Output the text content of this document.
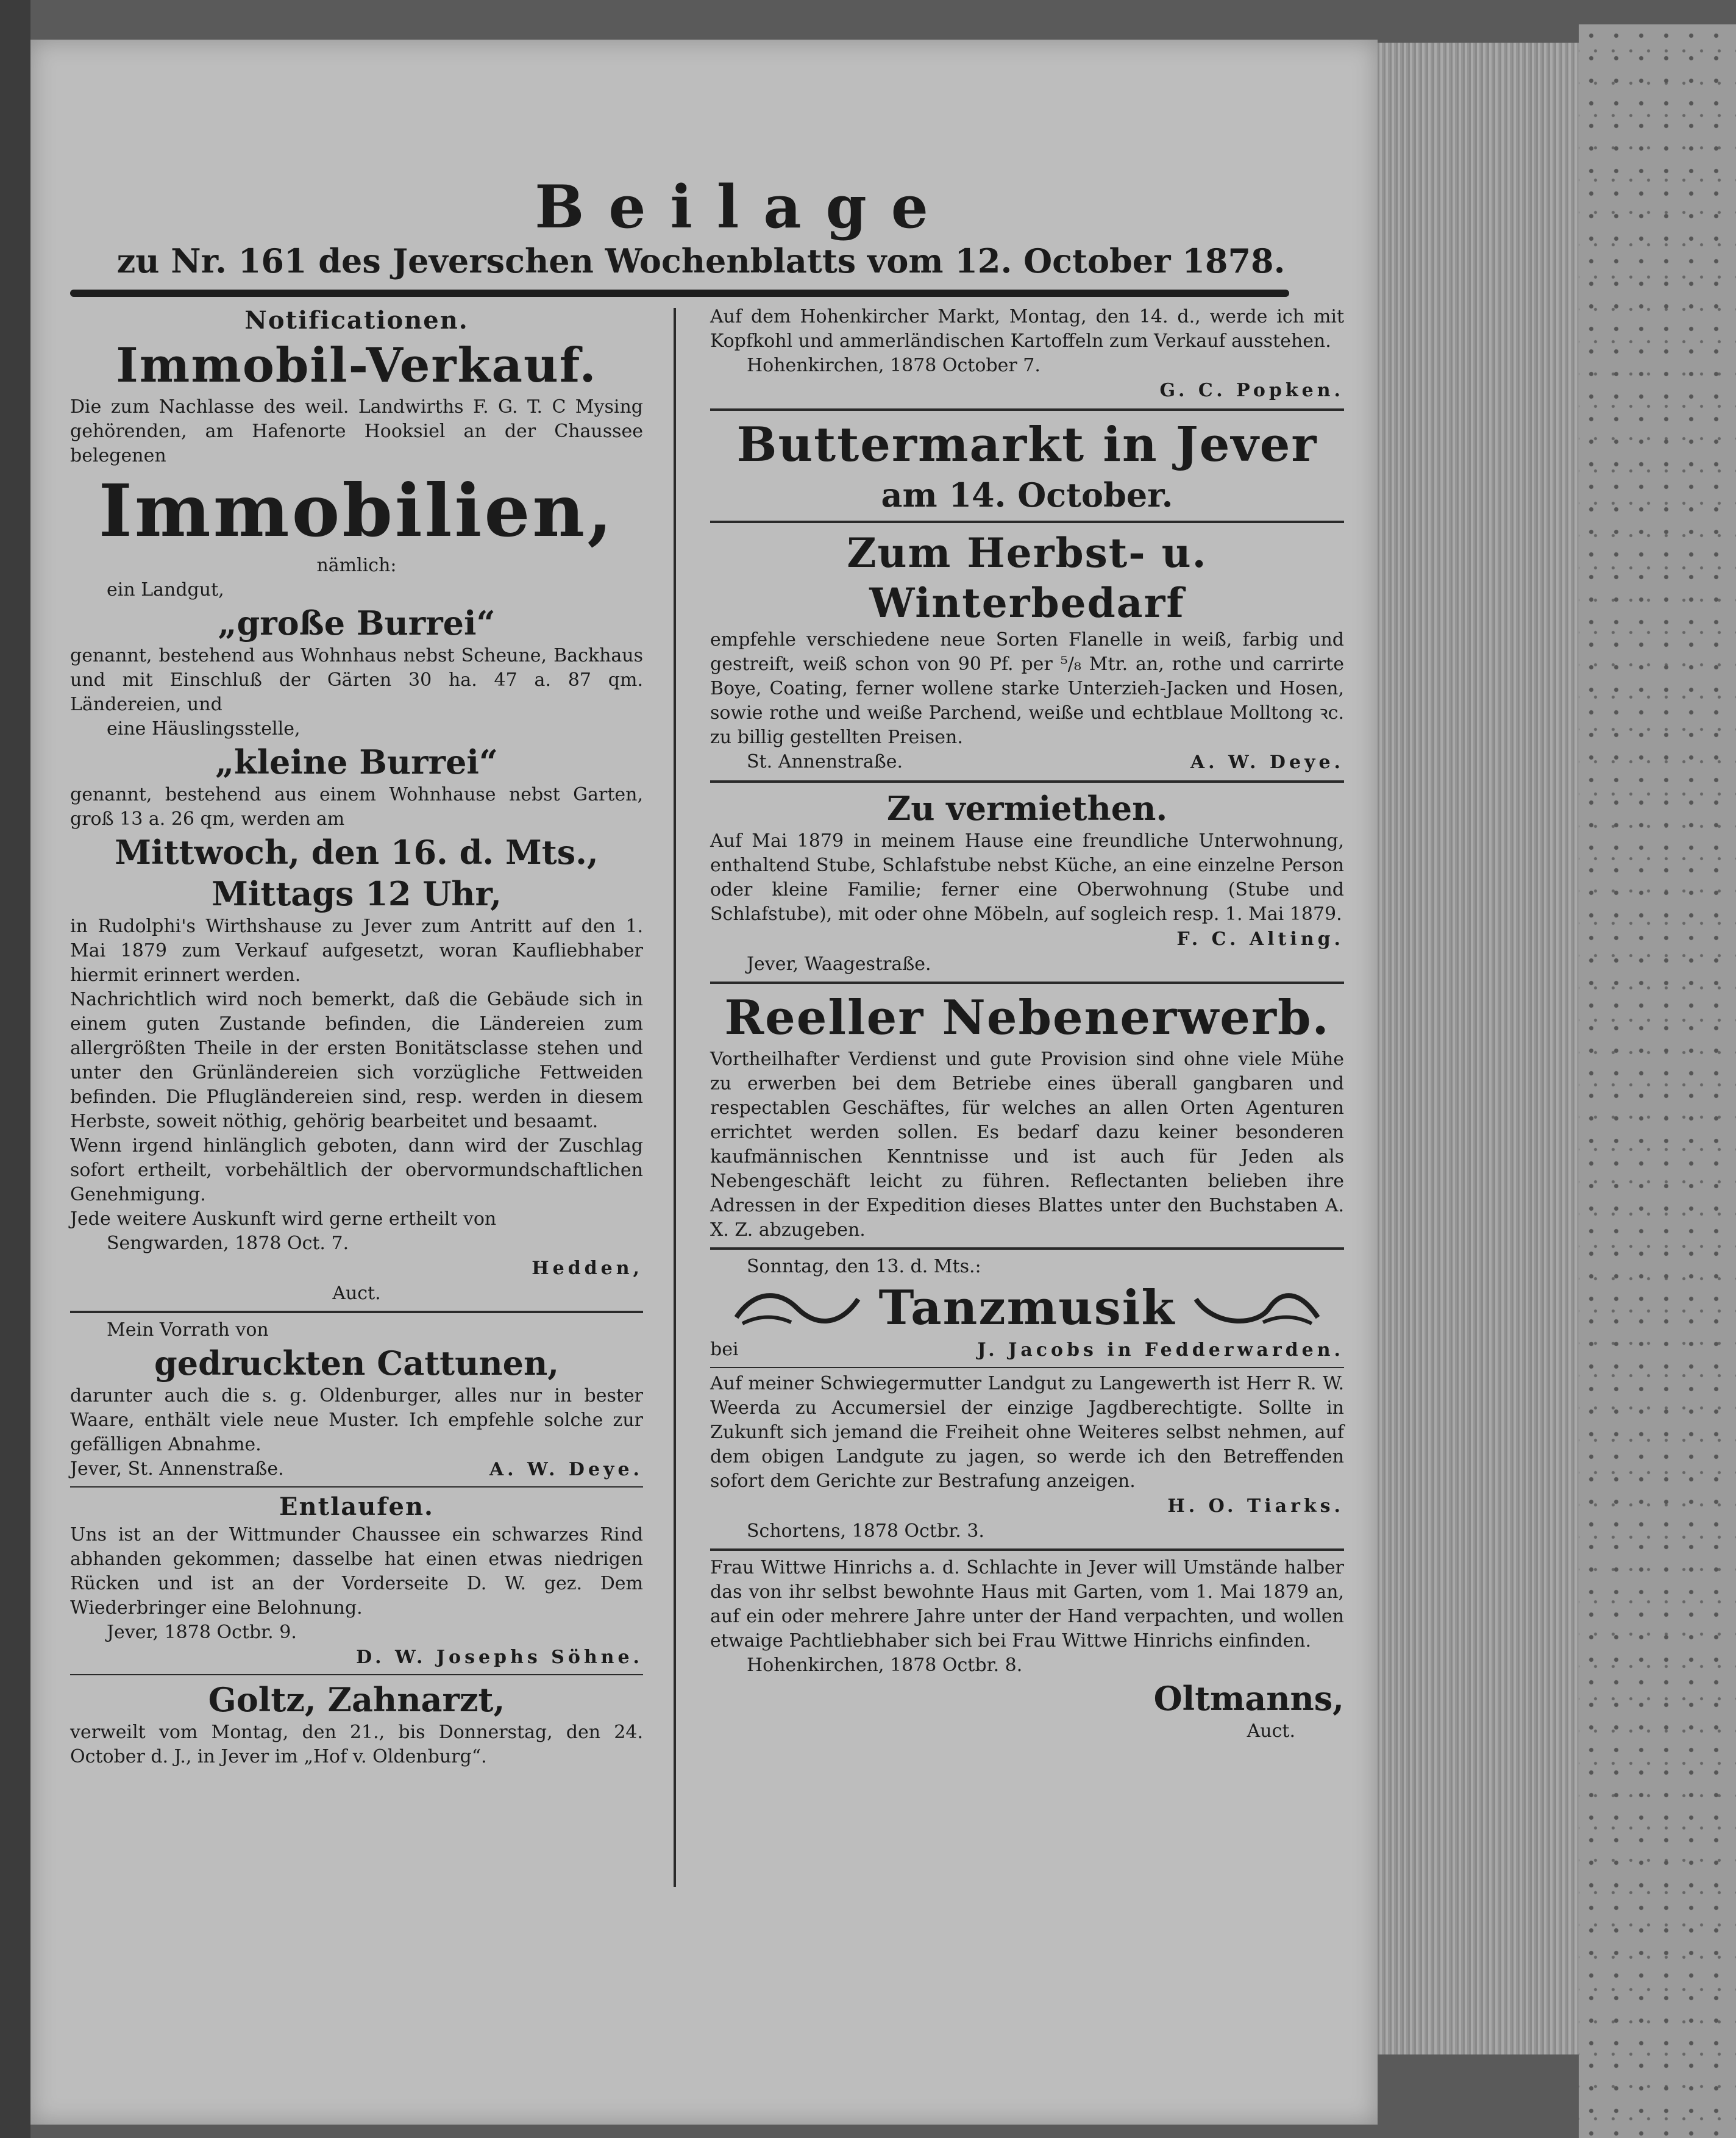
Beilage
zu Nr. 161 des Jeverschen Wochenblatts vom 12. October 1878.
Notificationen.
Immobil-Verkauf.
Die zum Nachlasse des weil. Landwirths F. G. T. C Mysing gehörenden, am Hafenorte Hooksiel an der Chaussee belegenen
Immobilien,
nämlich:
ein Landgut,
„große Burrei“
genannt, bestehend aus Wohnhaus nebst Scheune, Backhaus und mit Einschluß der Gärten 30 ha. 47 a. 87 qm. Ländereien, und
eine Häuslingsstelle,
„kleine Burrei“
genannt, bestehend aus einem Wohnhause nebst Garten, groß 13 a. 26 qm, werden am
Mittwoch, den 16. d. Mts.,
Mittags 12 Uhr,
in Rudolphi's Wirthshause zu Jever zum Antritt auf den 1. Mai 1879 zum Verkauf aufgesetzt, woran Kaufliebhaber hiermit erinnert werden.
Nachrichtlich wird noch bemerkt, daß die Gebäude sich in einem guten Zustande befinden, die Ländereien zum allergrößten Theile in der ersten Bonitätsclasse stehen und unter den Grünländereien sich vorzügliche Fettweiden befinden. Die Pflugländereien sind, resp. werden in diesem Herbste, soweit nöthig, gehörig bearbeitet und besaamt.
Wenn irgend hinlänglich geboten, dann wird der Zuschlag sofort ertheilt, vorbehältlich der obervormundschaftlichen Genehmigung.
Jede weitere Auskunft wird gerne ertheilt von
Sengwarden, 1878 Oct. 7.
Hedden,
Auct.
Mein Vorrath von
gedruckten Cattunen,
darunter auch die s. g. Oldenburger, alles nur in bester Waare, enthält viele neue Muster. Ich empfehle solche zur gefälligen Abnahme.
Jever, St. Annenstraße.	A. W. Deye.
Entlaufen.
Uns ist an der Wittmunder Chaussee ein schwarzes Rind abhanden gekommen; dasselbe hat einen etwas niedrigen Rücken und ist an der Vorderseite D. W. gez. Dem Wiederbringer eine Belohnung.
Jever, 1878 Octbr. 9.
D. W. Josephs Söhne.
Goltz, Zahnarzt,
verweilt vom Montag, den 21., bis Donnerstag, den 24. October d. J., in Jever im „Hof v. Oldenburg“.
Auf dem Hohenkircher Markt, Montag, den 14. d., werde ich mit Kopfkohl und ammerländischen Kartoffeln zum Verkauf ausstehen.
Hohenkirchen, 1878 October 7.
G. C. Popken.
Buttermarkt in Jever
am 14. October.
Zum Herbst- u. Winterbedarf
empfehle verschiedene neue Sorten Flanelle in weiß, farbig und gestreift, weiß schon von 90 Pf. per ⁵/₈ Mtr. an, rothe und carrirte Boye, Coating, ferner wollene starke Unterzieh-Jacken und Hosen, sowie rothe und weiße Parchend, weiße und echtblaue Molltong ꝛc. zu billig gestellten Preisen.
St. Annenstraße.	A. W. Deye.
Zu vermiethen.
Auf Mai 1879 in meinem Hause eine freundliche Unterwohnung, enthaltend Stube, Schlafstube nebst Küche, an eine einzelne Person oder kleine Familie; ferner eine Oberwohnung (Stube und Schlafstube), mit oder ohne Möbeln, auf sogleich resp. 1. Mai 1879.
F. C. Alting.
Jever, Waagestraße.
Reeller Nebenerwerb.
Vortheilhafter Verdienst und gute Provision sind ohne viele Mühe zu erwerben bei dem Betriebe eines überall gangbaren und respectablen Geschäftes, für welches an allen Orten Agenturen errichtet werden sollen. Es bedarf dazu keiner besonderen kaufmännischen Kenntnisse und ist auch für Jeden als Nebengeschäft leicht zu führen. Reflectanten belieben ihre Adressen in der Expedition dieses Blattes unter den Buchstaben A. X. Z. abzugeben.
Sonntag, den 13. d. Mts.:
Tanzmusik
bei	J. Jacobs in Fedderwarden.
Auf meiner Schwiegermutter Landgut zu Langewerth ist Herr R. W. Weerda zu Accumersiel der einzige Jagdberechtigte. Sollte in Zukunft sich jemand die Freiheit ohne Weiteres selbst nehmen, auf dem obigen Landgute zu jagen, so werde ich den Betreffenden sofort dem Gerichte zur Bestrafung anzeigen.
H. O. Tiarks.
Schortens, 1878 Octbr. 3.
Frau Wittwe Hinrichs a. d. Schlachte in Jever will Umstände halber das von ihr selbst bewohnte Haus mit Garten, vom 1. Mai 1879 an, auf ein oder mehrere Jahre unter der Hand verpachten, und wollen etwaige Pachtliebhaber sich bei Frau Wittwe Hinrichs einfinden.
Hohenkirchen, 1878 Octbr. 8.
Oltmanns,
Auct.
